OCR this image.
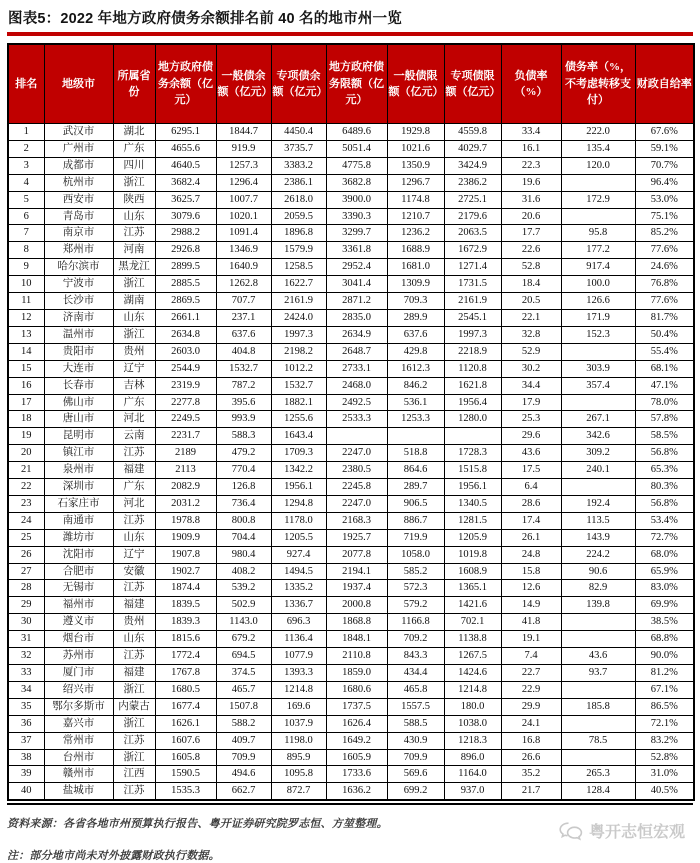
图表5：2022 年地方政府债务余额排名前 40 名的地市州一览
排名	地级市	所属省份	地方政府债务余额（亿元）	一般债余额（亿元）	专项债余额（亿元）	地方政府债务限额（亿元）	一般债限额（亿元）	专项债限额（亿元）	负债率（%）	债务率（%，不考虑转移支付）	财政自给率
1	武汉市	湖北	6295.1	1844.7	4450.4	6489.6	1929.8	4559.8	33.4	222.0	67.6%
2	广州市	广东	4655.6	919.9	3735.7	5051.4	1021.6	4029.7	16.1	135.4	59.1%
3	成都市	四川	4640.5	1257.3	3383.2	4775.8	1350.9	3424.9	22.3	120.0	70.7%
4	杭州市	浙江	3682.4	1296.4	2386.1	3682.8	1296.7	2386.2	19.6		96.4%
5	西安市	陕西	3625.7	1007.7	2618.0	3900.0	1174.8	2725.1	31.6	172.9	53.0%
6	青岛市	山东	3079.6	1020.1	2059.5	3390.3	1210.7	2179.6	20.6		75.1%
7	南京市	江苏	2988.2	1091.4	1896.8	3299.7	1236.2	2063.5	17.7	95.8	85.2%
8	郑州市	河南	2926.8	1346.9	1579.9	3361.8	1688.9	1672.9	22.6	177.2	77.6%
9	哈尔滨市	黑龙江	2899.5	1640.9	1258.5	2952.4	1681.0	1271.4	52.8	917.4	24.6%
10	宁波市	浙江	2885.5	1262.8	1622.7	3041.4	1309.9	1731.5	18.4	100.0	76.8%
11	长沙市	湖南	2869.5	707.7	2161.9	2871.2	709.3	2161.9	20.5	126.6	77.6%
12	济南市	山东	2661.1	237.1	2424.0	2835.0	289.9	2545.1	22.1	171.9	81.7%
13	温州市	浙江	2634.8	637.6	1997.3	2634.9	637.6	1997.3	32.8	152.3	50.4%
14	贵阳市	贵州	2603.0	404.8	2198.2	2648.7	429.8	2218.9	52.9		55.4%
15	大连市	辽宁	2544.9	1532.7	1012.2	2733.1	1612.3	1120.8	30.2	303.9	68.1%
16	长春市	吉林	2319.9	787.2	1532.7	2468.0	846.2	1621.8	34.4	357.4	47.1%
17	佛山市	广东	2277.8	395.6	1882.1	2492.5	536.1	1956.4	17.9		78.0%
18	唐山市	河北	2249.5	993.9	1255.6	2533.3	1253.3	1280.0	25.3	267.1	57.8%
19	昆明市	云南	2231.7	588.3	1643.4				29.6	342.6	58.5%
20	镇江市	江苏	2189	479.2	1709.3	2247.0	518.8	1728.3	43.6	309.2	56.8%
21	泉州市	福建	2113	770.4	1342.2	2380.5	864.6	1515.8	17.5	240.1	65.3%
22	深圳市	广东	2082.9	126.8	1956.1	2245.8	289.7	1956.1	6.4		80.3%
23	石家庄市	河北	2031.2	736.4	1294.8	2247.0	906.5	1340.5	28.6	192.4	56.8%
24	南通市	江苏	1978.8	800.8	1178.0	2168.3	886.7	1281.5	17.4	113.5	53.4%
25	潍坊市	山东	1909.9	704.4	1205.5	1925.7	719.9	1205.9	26.1	143.9	72.7%
26	沈阳市	辽宁	1907.8	980.4	927.4	2077.8	1058.0	1019.8	24.8	224.2	68.0%
27	合肥市	安徽	1902.7	408.2	1494.5	2194.1	585.2	1608.9	15.8	90.6	65.9%
28	无锡市	江苏	1874.4	539.2	1335.2	1937.4	572.3	1365.1	12.6	82.9	83.0%
29	福州市	福建	1839.5	502.9	1336.7	2000.8	579.2	1421.6	14.9	139.8	69.9%
30	遵义市	贵州	1839.3	1143.0	696.3	1868.8	1166.8	702.1	41.8		38.5%
31	烟台市	山东	1815.6	679.2	1136.4	1848.1	709.2	1138.8	19.1		68.8%
32	苏州市	江苏	1772.4	694.5	1077.9	2110.8	843.3	1267.5	7.4	43.6	90.0%
33	厦门市	福建	1767.8	374.5	1393.3	1859.0	434.4	1424.6	22.7	93.7	81.2%
34	绍兴市	浙江	1680.5	465.7	1214.8	1680.6	465.8	1214.8	22.9		67.1%
35	鄂尔多斯市	内蒙古	1677.4	1507.8	169.6	1737.5	1557.5	180.0	29.9	185.8	86.5%
36	嘉兴市	浙江	1626.1	588.2	1037.9	1626.4	588.5	1038.0	24.1		72.1%
37	常州市	江苏	1607.6	409.7	1198.0	1649.2	430.9	1218.3	16.8	78.5	83.2%
38	台州市	浙江	1605.8	709.9	895.9	1605.9	709.9	896.0	26.6		52.8%
39	赣州市	江西	1590.5	494.6	1095.8	1733.6	569.6	1164.0	35.2	265.3	31.0%
40	盐城市	江苏	1535.3	662.7	872.7	1636.2	699.2	937.0	21.7	128.4	40.5%
资料来源：各省各地市州预算执行报告、粤开证券研究院罗志恒、方堃整理。	粤开志恒宏观
注：部分地市尚未对外披露财政执行数据。
